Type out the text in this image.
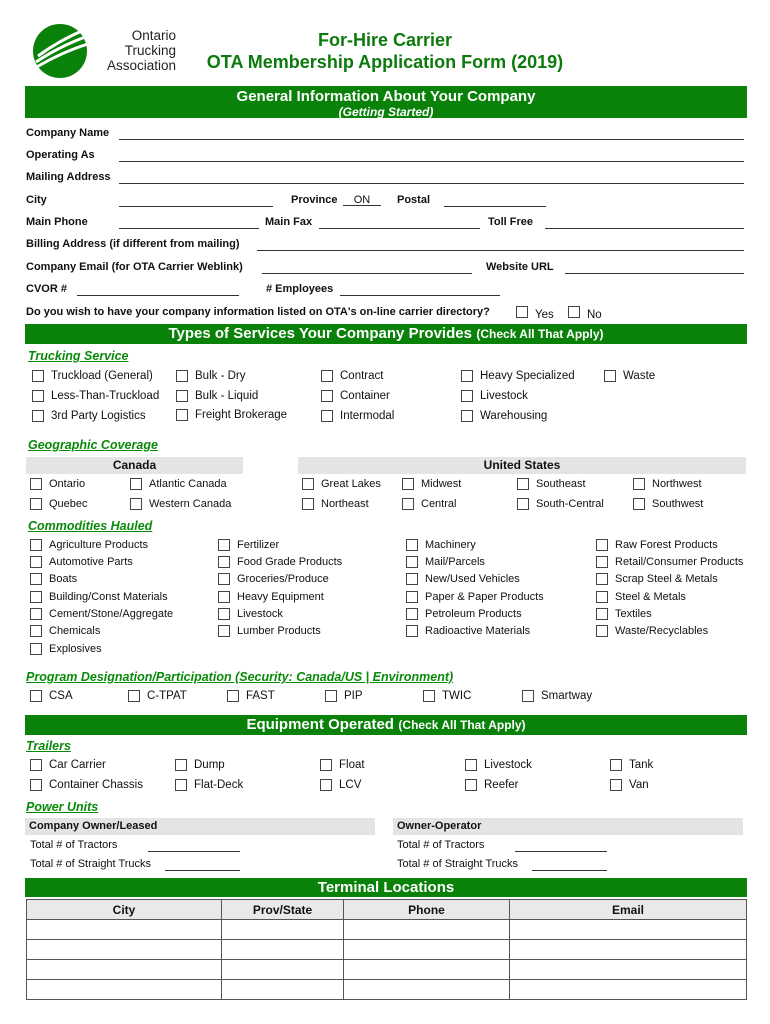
Ontario
Trucking
Association
For-Hire Carrier
OTA Membership Application Form (2019)
General Information About Your Company
(Getting Started)
Company Name
Operating As
Mailing Address
City	Province	ON	Postal
Main Phone	Main Fax	Toll Free
Billing Address (if different from mailing)
Company Email (for OTA Carrier Weblink)	Website URL
CVOR #	# Employees
Do you wish to have your company information listed on OTA's on-line carrier directory?	Yes	No
Types of Services Your Company Provides (Check All That Apply)
Trucking Service
Truckload (General)	Bulk - Dry	Contract	Heavy Specialized	Waste
Less-Than-Truckload	Bulk - Liquid	Container	Livestock
3rd Party Logistics	Freight Brokerage	Intermodal	Warehousing
Geographic Coverage
Canada	United States
Ontario	Atlantic Canada
Quebec	Western Canada
Great Lakes	Midwest	Southeast	Northwest
Northeast	Central	South-Central	Southwest
Commodities Hauled
Agriculture Products
Automotive Parts
Boats
Building/Const Materials
Cement/Stone/Aggregate
Chemicals
Explosives
Fertilizer
Food Grade Products
Groceries/Produce
Heavy Equipment
Livestock
Lumber Products
Machinery
Mail/Parcels
New/Used Vehicles
Paper & Paper Products
Petroleum Products
Radioactive Materials
Raw Forest Products
Retail/Consumer Products
Scrap Steel & Metals
Steel & Metals
Textiles
Waste/Recyclables
Program Designation/Participation (Security: Canada/US | Environment)
CSA	C-TPAT	FAST	PIP	TWIC	Smartway
Equipment Operated (Check All That Apply)
Trailers
Car Carrier	Dump	Float	Livestock	Tank
Container Chassis	Flat-Deck	LCV	Reefer	Van
Power Units
Company Owner/Leased	Owner-Operator
Total # of Tractors
Total # of Straight Trucks
Total # of Tractors
Total # of Straight Trucks
Terminal Locations
City	Prov/State	Phone	Email
